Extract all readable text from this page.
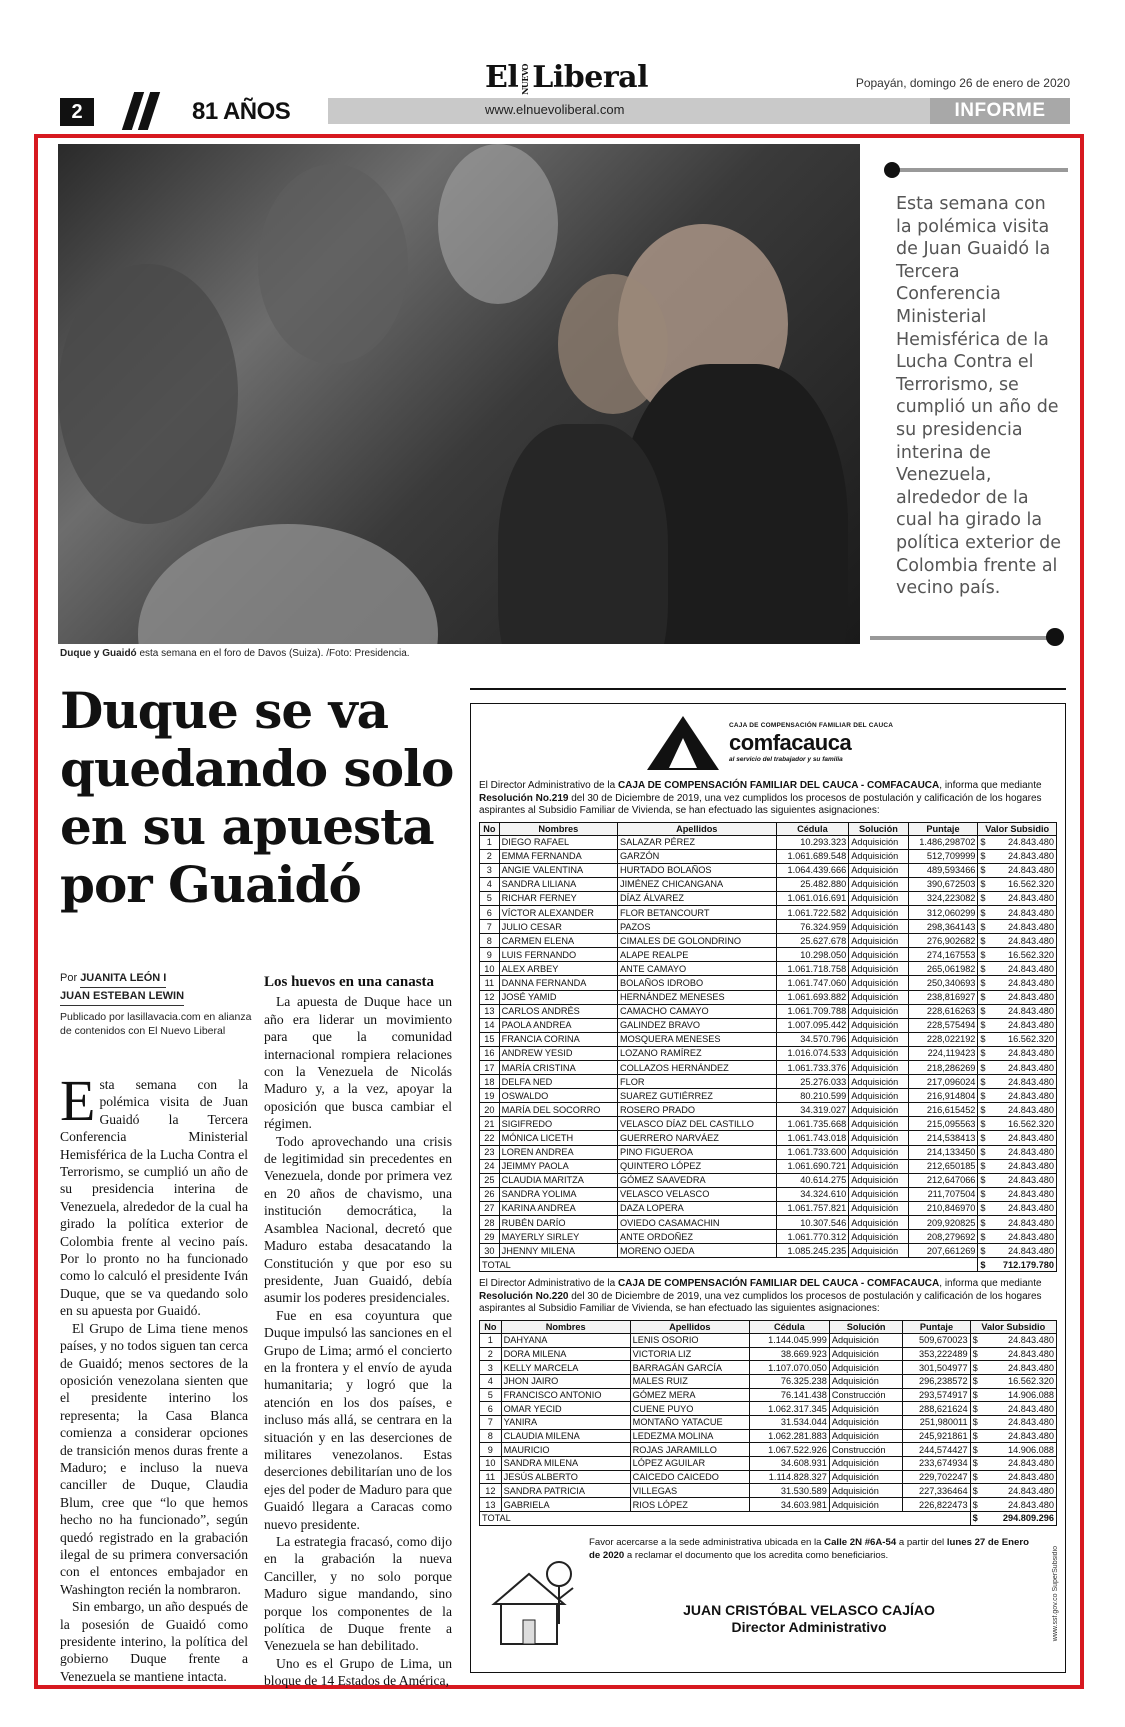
2	81 AÑOS
El NUEVOLiberal	Popayán, domingo 26 de enero de 2020
www.elnuevoliberal.com	INFORME
Duque y Guaidó esta semana en el foro de Davos (Suiza). /Foto: Presidencia.
Esta semana con la polémica visita de Juan Guaidó la Tercera Conferencia Ministerial Hemisférica de la Lucha Contra el Terrorismo, se cumplió un año de su presidencia interina de Venezuela, alrededor de la cual ha girado la política exterior de Colombia frente al vecino país.
Duque se va quedando solo en su apuesta por Guaidó
Por JUANITA LEÓN I
JUAN ESTEBAN LEWIN
Publicado por lasillavacia.com en alianza de contenidos con El Nuevo Liberal

Esta semana con la polémica visita de Juan Guaidó la Tercera Conferencia Ministerial Hemisférica de la Lucha Contra el Terrorismo, se cumplió un año de su presidencia interina de Venezuela, alrededor de la cual ha girado la política exterior de Colombia frente al vecino país. Por lo pronto no ha funcionado como lo calculó el presidente Iván Duque, que se va quedando solo en su apuesta por Guaidó.

El Grupo de Lima tiene menos países, y no todos siguen tan cerca de Guaidó; menos sectores de la oposición venezolana sienten que el presidente interino los representa; la Casa Blanca comienza a considerar opciones de transición menos duras frente a Maduro; e incluso la nueva canciller de Duque, Claudia Blum, cree que “lo que hemos hecho no ha funcionado”, según quedó registrado en la grabación ilegal de su primera conversación con el entonces embajador en Washington recién la nombraron.

Sin embargo, un año después de la posesión de Guaidó como presidente interino, la política del gobierno Duque frente a Venezuela se mantiene intacta.

Los huevos en una canasta

La apuesta de Duque hace un año era liderar un movimiento para que la comunidad internacional rompiera relaciones con la Venezuela de Nicolás Maduro y, a la vez, apoyar la oposición que busca cambiar el régimen.

Todo aprovechando una crisis de legitimidad sin precedentes en Venezuela, donde por primera vez en 20 años de chavismo, una institución democrática, la Asamblea Nacional, decretó que Maduro estaba desacatando la Constitución y que por eso su presidente, Juan Guaidó, debía asumir los poderes presidenciales.

Fue en esa coyuntura que Duque impulsó las sanciones en el Grupo de Lima; armó el concierto en la frontera y el envío de ayuda humanitaria; y logró que la atención en los dos países, e incluso más allá, se centrara en la situación y en las deserciones de militares venezolanos. Estas deserciones debilitarían uno de los ejes del poder de Maduro para que Guaidó llegara a Caracas como nuevo presidente.

La estrategia fracasó, como dijo en la grabación la nueva Canciller, y no solo porque Maduro sigue mandando, sino porque los componentes de la política de Duque frente a Venezuela se han debilitado.

Uno es el Grupo de Lima, un bloque de 14 Estados de América,

CAJA DE COMPENSACIÓN FAMILIAR DEL CAUCA
comfacauca
al servicio del trabajador y su familia
El Director Administrativo de la CAJA DE COMPENSACIÓN FAMILIAR DEL CAUCA - COMFACAUCA, informa que mediante Resolución No.219 del 30 de Diciembre de 2019, una vez cumplidos los procesos de postulación y calificación de los hogares aspirantes al Subsidio Familiar de Vivienda, se han efectuado las siguientes asignaciones:
No	Nombres	Apellidos	Cédula	Solución	Puntaje	Valor Subsidio
1	DIEGO RAFAEL	SALAZAR PÉREZ	10.293.323	Adquisición	1.486,298702	$ 24.843.480
2	EMMA FERNANDA	GARZÓN	1.061.689.548	Adquisición	512,709999	$ 24.843.480
3	ANGIE VALENTINA	HURTADO BOLAÑOS	1.064.439.666	Adquisición	489,593466	$ 24.843.480
4	SANDRA LILIANA	JIMÉNEZ CHICANGANA	25.482.880	Adquisición	390,672503	$ 16.562.320
5	RICHAR FERNEY	DÍAZ ÁLVAREZ	1.061.016.691	Adquisición	324,223082	$ 24.843.480
6	VÍCTOR ALEXANDER	FLOR BETANCOURT	1.061.722.582	Adquisición	312,060299	$ 24.843.480
7	JULIO CESAR	PAZOS	76.324.959	Adquisición	298,364143	$ 24.843.480
8	CARMEN ELENA	CIMALES DE GOLONDRINO	25.627.678	Adquisición	276,902682	$ 24.843.480
9	LUIS FERNANDO	ALAPE REALPE	10.298.050	Adquisición	274,167553	$ 16.562.320
10	ALEX ARBEY	ANTE CAMAYO	1.061.718.758	Adquisición	265,061982	$ 24.843.480
11	DANNA FERNANDA	BOLAÑOS IDROBO	1.061.747.060	Adquisición	250,340693	$ 24.843.480
12	JOSÉ YAMID	HERNÁNDEZ MENESES	1.061.693.882	Adquisición	238,816927	$ 24.843.480
13	CARLOS ANDRÉS	CAMACHO CAMAYO	1.061.709.788	Adquisición	228,616263	$ 24.843.480
14	PAOLA ANDREA	GALINDEZ BRAVO	1.007.095.442	Adquisición	228,575494	$ 24.843.480
15	FRANCIA CORINA	MOSQUERA MENESES	34.570.796	Adquisición	228,022192	$ 16.562.320
16	ANDREW YESID	LOZANO RAMÍREZ	1.016.074.533	Adquisición	224,119423	$ 24.843.480
17	MARÍA CRISTINA	COLLAZOS HERNÁNDEZ	1.061.733.376	Adquisición	218,286269	$ 24.843.480
18	DELFA NED	FLOR	25.276.033	Adquisición	217,096024	$ 24.843.480
19	OSWALDO	SUAREZ GUTIÉRREZ	80.210.599	Adquisición	216,914804	$ 24.843.480
20	MARÍA DEL SOCORRO	ROSERO PRADO	34.319.027	Adquisición	216,615452	$ 24.843.480
21	SIGIFREDO	VELASCO DÍAZ DEL CASTILLO	1.061.735.668	Adquisición	215,095563	$ 16.562.320
22	MÓNICA LICETH	GUERRERO NARVÁEZ	1.061.743.018	Adquisición	214,538413	$ 24.843.480
23	LOREN ANDREA	PINO FIGUEROA	1.061.733.600	Adquisición	214,133450	$ 24.843.480
24	JEIMMY PAOLA	QUINTERO LÓPEZ	1.061.690.721	Adquisición	212,650185	$ 24.843.480
25	CLAUDIA MARITZA	GÓMEZ SAAVEDRA	40.614.275	Adquisición	212,647066	$ 24.843.480
26	SANDRA YOLIMA	VELASCO VELASCO	34.324.610	Adquisición	211,707504	$ 24.843.480
27	KARINA ANDREA	DAZA LOPERA	1.061.757.821	Adquisición	210,846970	$ 24.843.480
28	RUBÉN DARÍO	OVIEDO CASAMACHIN	10.307.546	Adquisición	209,920825	$ 24.843.480
29	MAYERLY SIRLEY	ANTE ORDOÑEZ	1.061.770.312	Adquisición	208,279692	$ 24.843.480
30	JHENNY MILENA	MORENO OJEDA	1.085.245.235	Adquisición	207,661269	$ 24.843.480
TOTAL						$ 712.179.780
El Director Administrativo de la CAJA DE COMPENSACIÓN FAMILIAR DEL CAUCA - COMFACAUCA, informa que mediante Resolución No.220 del 30 de Diciembre de 2019, una vez cumplidos los procesos de postulación y calificación de los hogares aspirantes al Subsidio Familiar de Vivienda, se han efectuado las siguientes asignaciones:
No	Nombres	Apellidos	Cédula	Solución	Puntaje	Valor Subsidio
1	DAHYANA	LENIS OSORIO	1.144.045.999	Adquisición	509,670023	$ 24.843.480
2	DORA MILENA	VICTORIA LIZ	38.669.923	Adquisición	353,222489	$ 24.843.480
3	KELLY MARCELA	BARRAGÁN GARCÍA	1.107.070.050	Adquisición	301,504977	$ 24.843.480
4	JHON JAIRO	MALES RUIZ	76.325.238	Adquisición	296,238572	$ 16.562.320
5	FRANCISCO ANTONIO	GÓMEZ MERA	76.141.438	Construcción	293,574917	$ 14.906.088
6	OMAR YECID	CUENE PUYO	1.062.317.345	Adquisición	288,621624	$ 24.843.480
7	YANIRA	MONTAÑO YATACUE	31.534.044	Adquisición	251,980011	$ 24.843.480
8	CLAUDIA MILENA	LEDEZMA MOLINA	1.062.281.883	Adquisición	245,921861	$ 24.843.480
9	MAURICIO	ROJAS JARAMILLO	1.067.522.926	Construcción	244,574427	$ 14.906.088
10	SANDRA MILENA	LÓPEZ AGUILAR	34.608.931	Adquisición	233,674934	$ 24.843.480
11	JESÚS ALBERTO	CAICEDO CAICEDO	1.114.828.327	Adquisición	229,702247	$ 24.843.480
12	SANDRA PATRICIA	VILLEGAS	31.530.589	Adquisición	227,336464	$ 24.843.480
13	GABRIELA	RIOS LÓPEZ	34.603.981	Adquisición	226,822473	$ 24.843.480
TOTAL						$ 294.809.296
Favor acercarse a la sede administrativa ubicada en la Calle 2N #6A-54 a partir del lunes 27 de Enero de 2020 a reclamar el documento que los acredita como beneficiarios.
JUAN CRISTÓBAL VELASCO CAJÍAO
Director Administrativo	www.ssf.gov.co SuperSubsidio
